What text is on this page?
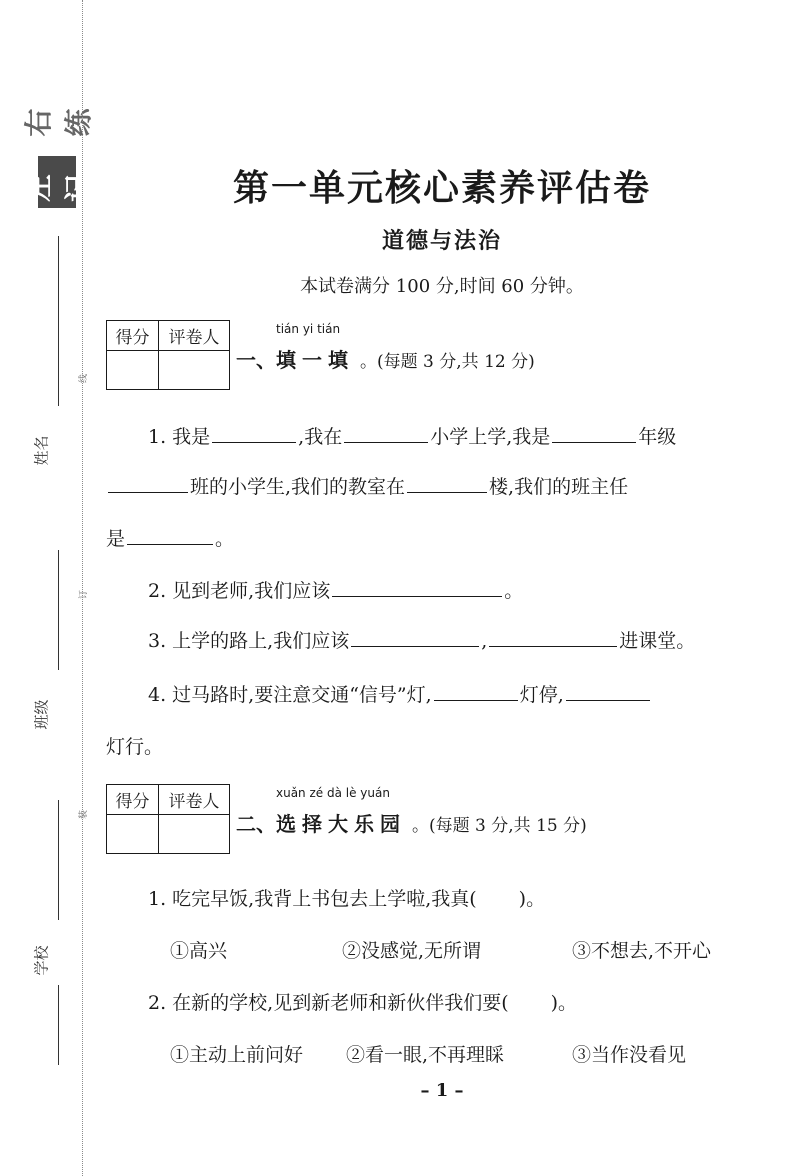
左记
/
右练
姓名
班级
学校
线
订
装
第一单元核心素养评估卷
道德与法治
本试卷满分 100 分,时间 60 分钟。
得分	评卷人
一、
tián yi tián
填一填 。(每题 3 分,共 12 分)
1. 我是	,我在	小学上学,我是	年级
班的小学生,我们的教室在	楼,我们的班主任
是	。
2. 见到老师,我们应该	。
3. 上学的路上,我们应该	,	进课堂。
4. 过马路时,要注意交通“信号”灯,	灯停,
灯行。
得分	评卷人
二、
xuǎn zé dà lè yuán
选择大乐园 。(每题 3 分,共 15 分)
1. 吃完早饭,我背上书包去上学啦,我真( )。
①高兴	②没感觉,无所谓	③不想去,不开心
2. 在新的学校,见到新老师和新伙伴我们要( )。
①主动上前问好 ②看一眼,不再理睬	③当作没看见
– 1 –
